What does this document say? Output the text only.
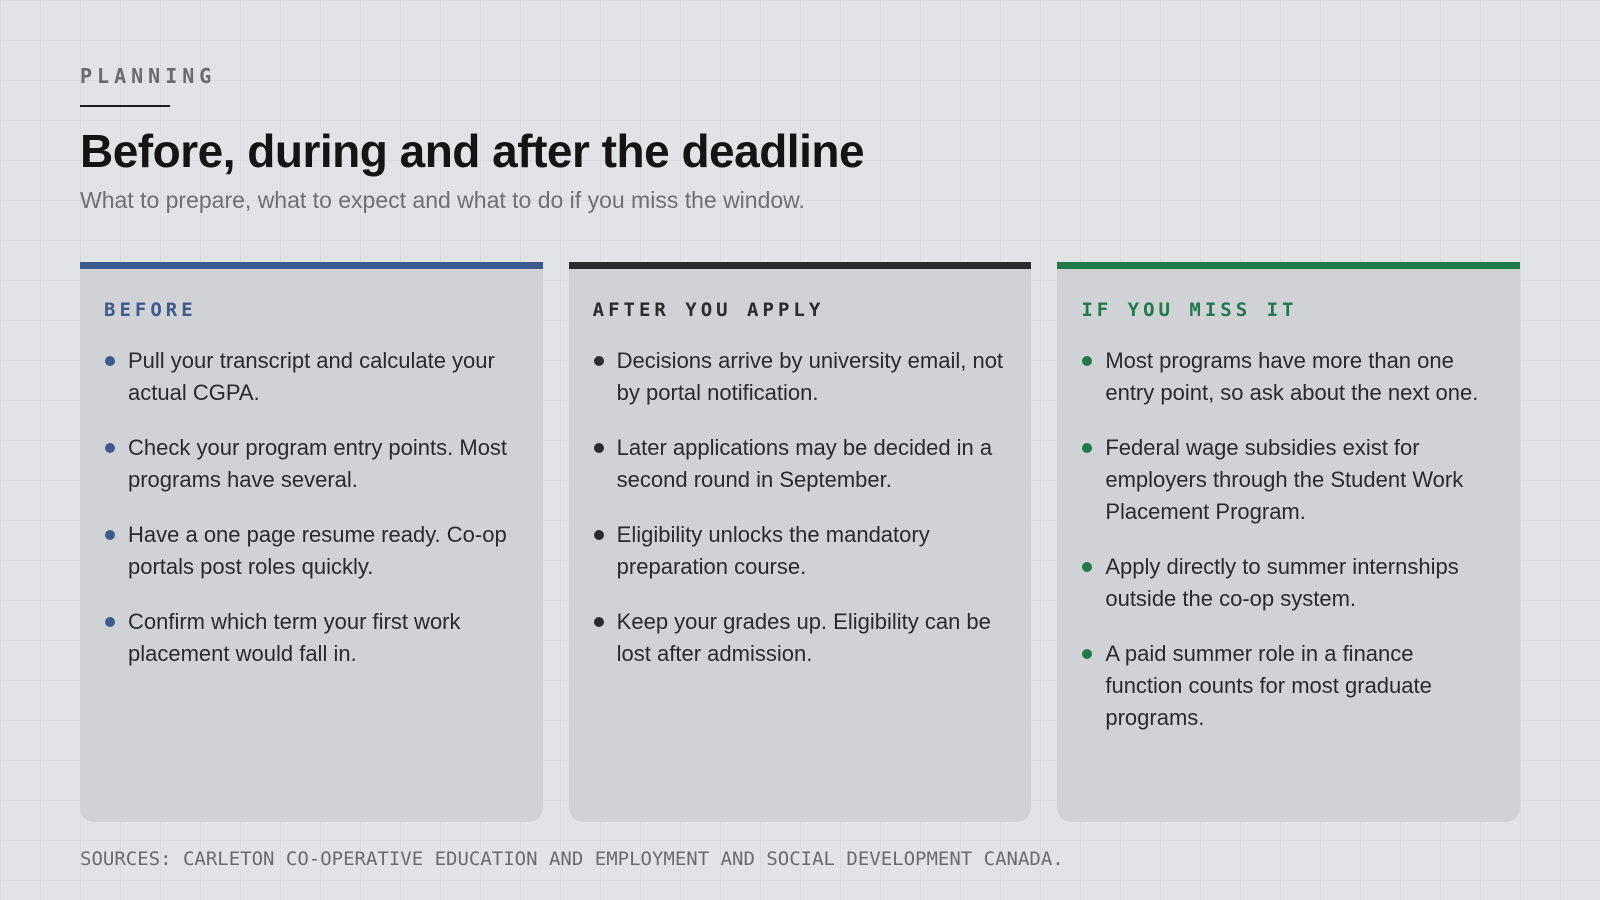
PLANNING
Before, during and after the deadline
What to prepare, what to expect and what to do if you miss the window.
BEFORE
Pull your transcript and calculate your actual CGPA.
Check your program entry points. Most programs have several.
Have a one page resume ready. Co-op portals post roles quickly.
Confirm which term your first work placement would fall in.
AFTER YOU APPLY
Decisions arrive by university email, not by portal notification.
Later applications may be decided in a second round in September.
Eligibility unlocks the mandatory preparation course.
Keep your grades up. Eligibility can be lost after admission.
IF YOU MISS IT
Most programs have more than one entry point, so ask about the next one.
Federal wage subsidies exist for employers through the Student Work Placement Program.
Apply directly to summer internships outside the co-op system.
A paid summer role in a finance function counts for most graduate programs.
SOURCES: CARLETON CO-OPERATIVE EDUCATION AND EMPLOYMENT AND SOCIAL DEVELOPMENT CANADA.
